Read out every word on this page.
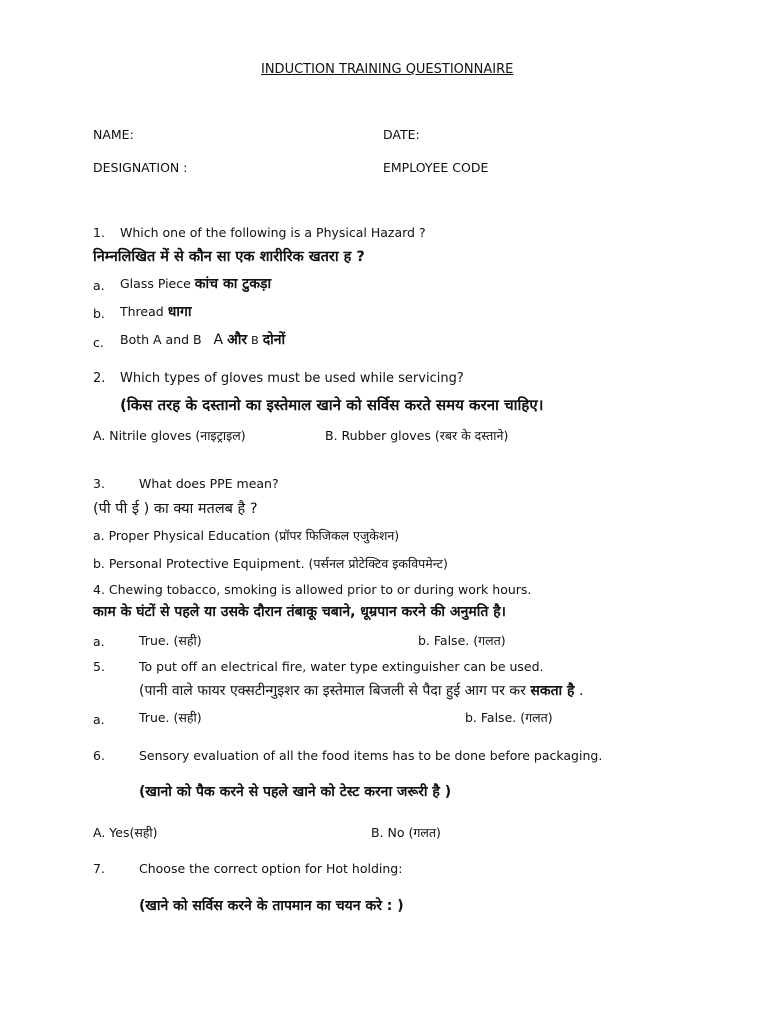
INDUCTION TRAINING QUESTIONNAIRE
NAME:	DATE:
DESIGNATION :	EMPLOYEE CODE
1. Which one of the following is a Physical Hazard ?
निम्नलिखित में से कौन सा एक शारीरिक खतरा ह ?
a. Glass Piece कांच का टुकड़ा
b. Thread धागा
c. Both A and B A और B दोनों
2. Which types of gloves must be used while servicing?
(किस तरह के दस्तानो का इस्तेमाल खाने को सर्विस करते समय करना चाहिए।
A. Nitrile gloves (नाइट्राइल)	B. Rubber gloves (रबर के दस्ताने)
3.	What does PPE mean?
(पी पी ई ) का क्या मतलब है ?
a. Proper Physical Education (प्रॉपर फिजिकल एजुकेशन)
b. Personal Protective Equipment. (पर्सनल प्रोटेक्टिव इकविपमेन्ट)
4. Chewing tobacco, smoking is allowed prior to or during work hours.
काम के घंटों से पहले या उसके दौरान तंबाकू चबाने, धूम्रपान करने की अनुमति है।
a.	True. (सही)	b. False. (गलत)
5.	To put off an electrical fire, water type extinguisher can be used.
(पानी वाले फायर एक्सटीन्गुइशर का इस्तेमाल बिजली से पैदा हुई आग पर कर सकता है .
a.	True. (सही)	b. False. (गलत)
6.	Sensory evaluation of all the food items has to be done before packaging.
(खानो को पैक करने से पहले खाने को टेस्ट करना जरूरी है )
A. Yes(सही)	B. No (गलत)
7.	Choose the correct option for Hot holding:
(खाने को सर्विस करने के तापमान का चयन करे : )
